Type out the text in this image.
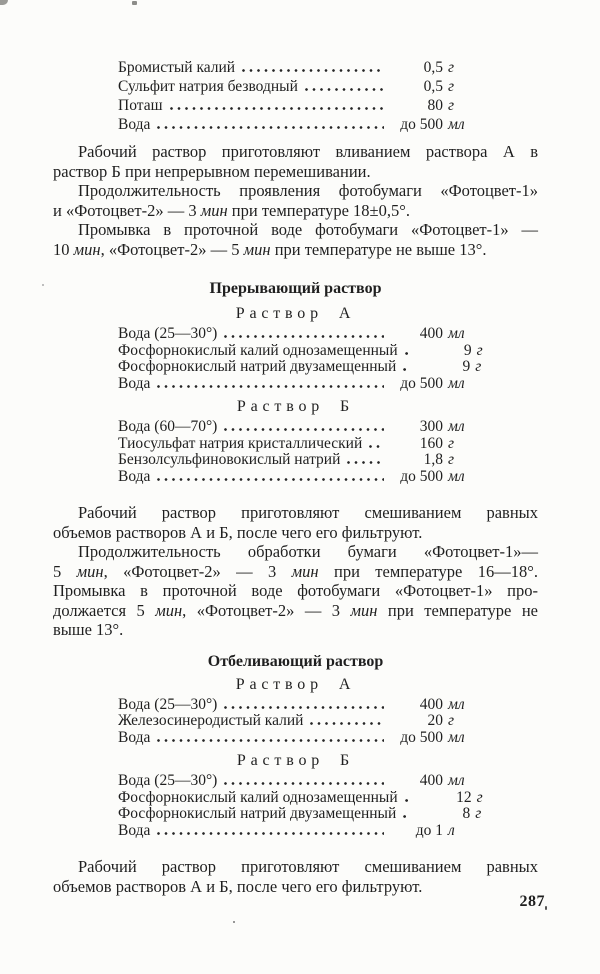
Бромистый калий	0,5 г
Сульфит натрия безводный	0,5 г
Поташ	80 г
Вода	до 500 мл

Рабочий раствор приготовляют вливанием раствора А в
раствор Б при непрерывном перемешивании.

Продолжительность проявления фотобумаги «Фотоцвет-1»
и «Фотоцвет-2» — 3 мин при температуре 18±0,5°.

Промывка в проточной воде фотобумаги «Фотоцвет-1» —
10 мин, «Фотоцвет-2» — 5 мин при температуре не выше 13°.

Прерывающий раствор
Раствор А
Вода (25—30°)	400 мл
Фосфорнокислый калий однозамещенный	9 г
Фосфорнокислый натрий двузамещенный	9 г
Вода	до 500 мл
Раствор Б
Вода (60—70°)	300 мл
Тиосульфат натрия кристаллический	160 г
Бензолсульфиновокислый натрий	1,8 г
Вода	до 500 мл

Рабочий раствор приготовляют смешиванием равных
объемов растворов А и Б, после чего его фильтруют.

Продолжительность обработки бумаги «Фотоцвет-1»—
5 мин, «Фотоцвет-2» — 3 мин при температуре 16—18°.
Промывка в проточной воде фотобумаги «Фотоцвет-1» про-
должается 5 мин, «Фотоцвет-2» — 3 мин при температуре не
выше 13°.

Отбеливающий раствор
Раствор А
Вода (25—30°)	400 мл
Железосинеродистый калий	20 г
Вода	до 500 мл
Раствор Б
Вода (25—30°)	400 мл
Фосфорнокислый калий однозамещенный	12 г
Фосфорнокислый натрий двузамещенный	8 г
Вода	до 1 л

Рабочий раствор приготовляют смешиванием равных
объемов растворов А и Б, после чего его фильтруют.

287
